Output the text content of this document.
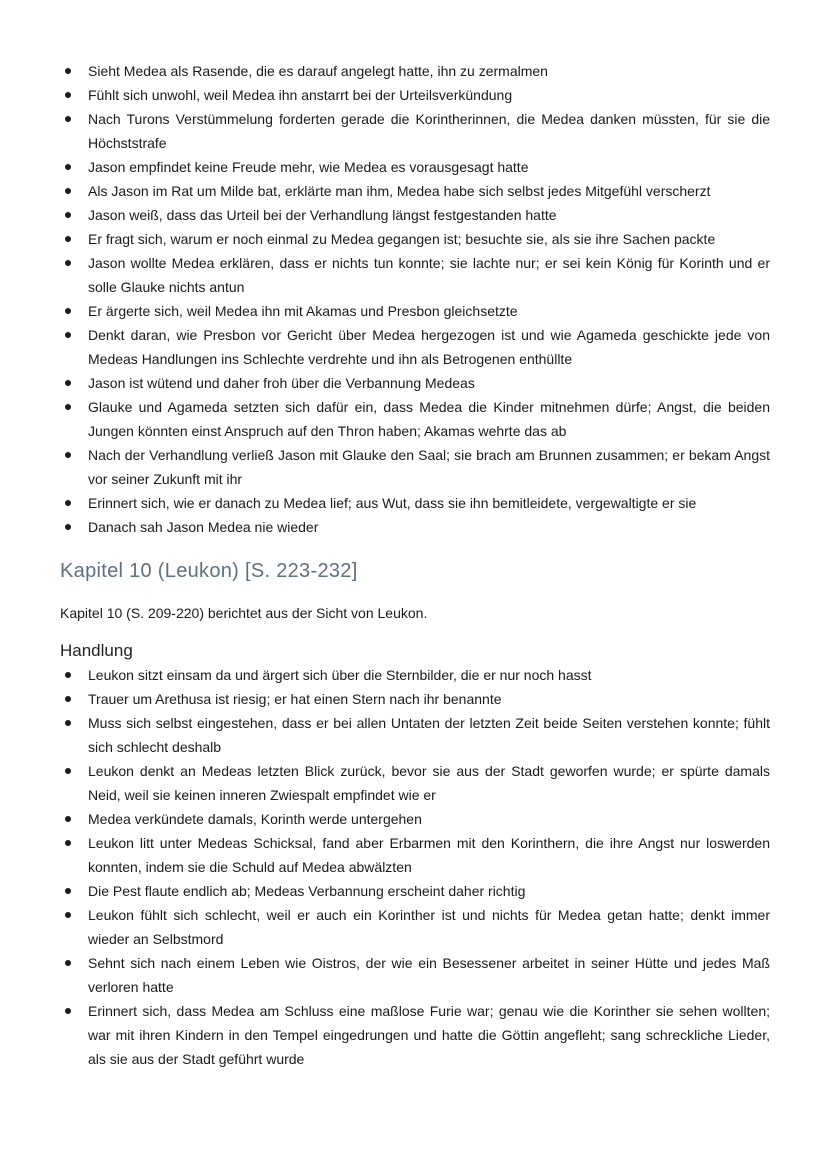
Sieht Medea als Rasende, die es darauf angelegt hatte, ihn zu zermalmen
Fühlt sich unwohl, weil Medea ihn anstarrt bei der Urteilsverkündung
Nach Turons Verstümmelung forderten gerade die Korintherinnen, die Medea danken müssten, für sie die Höchststrafe
Jason empfindet keine Freude mehr, wie Medea es vorausgesagt hatte
Als Jason im Rat um Milde bat, erklärte man ihm, Medea habe sich selbst jedes Mitgefühl verscherzt
Jason weiß, dass das Urteil bei der Verhandlung längst festgestanden hatte
Er fragt sich, warum er noch einmal zu Medea gegangen ist; besuchte sie, als sie ihre Sachen packte
Jason wollte Medea erklären, dass er nichts tun konnte; sie lachte nur; er sei kein König für Korinth und er solle Glauke nichts antun
Er ärgerte sich, weil Medea ihn mit Akamas und Presbon gleichsetzte
Denkt daran, wie Presbon vor Gericht über Medea hergezogen ist und wie Agameda geschickte jede von Medeas Handlungen ins Schlechte verdrehte und ihn als Betrogenen enthüllte
Jason ist wütend und daher froh über die Verbannung Medeas
Glauke und Agameda setzten sich dafür ein, dass Medea die Kinder mitnehmen dürfe; Angst, die beiden Jungen könnten einst Anspruch auf den Thron haben; Akamas wehrte das ab
Nach der Verhandlung verließ Jason mit Glauke den Saal; sie brach am Brunnen zusammen; er bekam Angst vor seiner Zukunft mit ihr
Erinnert sich, wie er danach zu Medea lief; aus Wut, dass sie ihn bemitleidete, vergewaltigte er sie
Danach sah Jason Medea nie wieder
Kapitel 10 (Leukon) [S. 223-232]

Kapitel 10 (S. 209-220) berichtet aus der Sicht von Leukon.

Handlung
Leukon sitzt einsam da und ärgert sich über die Sternbilder, die er nur noch hasst
Trauer um Arethusa ist riesig; er hat einen Stern nach ihr benannte
Muss sich selbst eingestehen, dass er bei allen Untaten der letzten Zeit beide Seiten verstehen konnte; fühlt sich schlecht deshalb
Leukon denkt an Medeas letzten Blick zurück, bevor sie aus der Stadt geworfen wurde; er spürte damals Neid, weil sie keinen inneren Zwiespalt empfindet wie er
Medea verkündete damals, Korinth werde untergehen
Leukon litt unter Medeas Schicksal, fand aber Erbarmen mit den Korinthern, die ihre Angst nur loswerden konnten, indem sie die Schuld auf Medea abwälzten
Die Pest flaute endlich ab; Medeas Verbannung erscheint daher richtig
Leukon fühlt sich schlecht, weil er auch ein Korinther ist und nichts für Medea getan hatte; denkt immer wieder an Selbstmord
Sehnt sich nach einem Leben wie Oistros, der wie ein Besessener arbeitet in seiner Hütte und jedes Maß verloren hatte
Erinnert sich, dass Medea am Schluss eine maßlose Furie war; genau wie die Korinther sie sehen wollten; war mit ihren Kindern in den Tempel eingedrungen und hatte die Göttin angefleht; sang schreckliche Lieder, als sie aus der Stadt geführt wurde
